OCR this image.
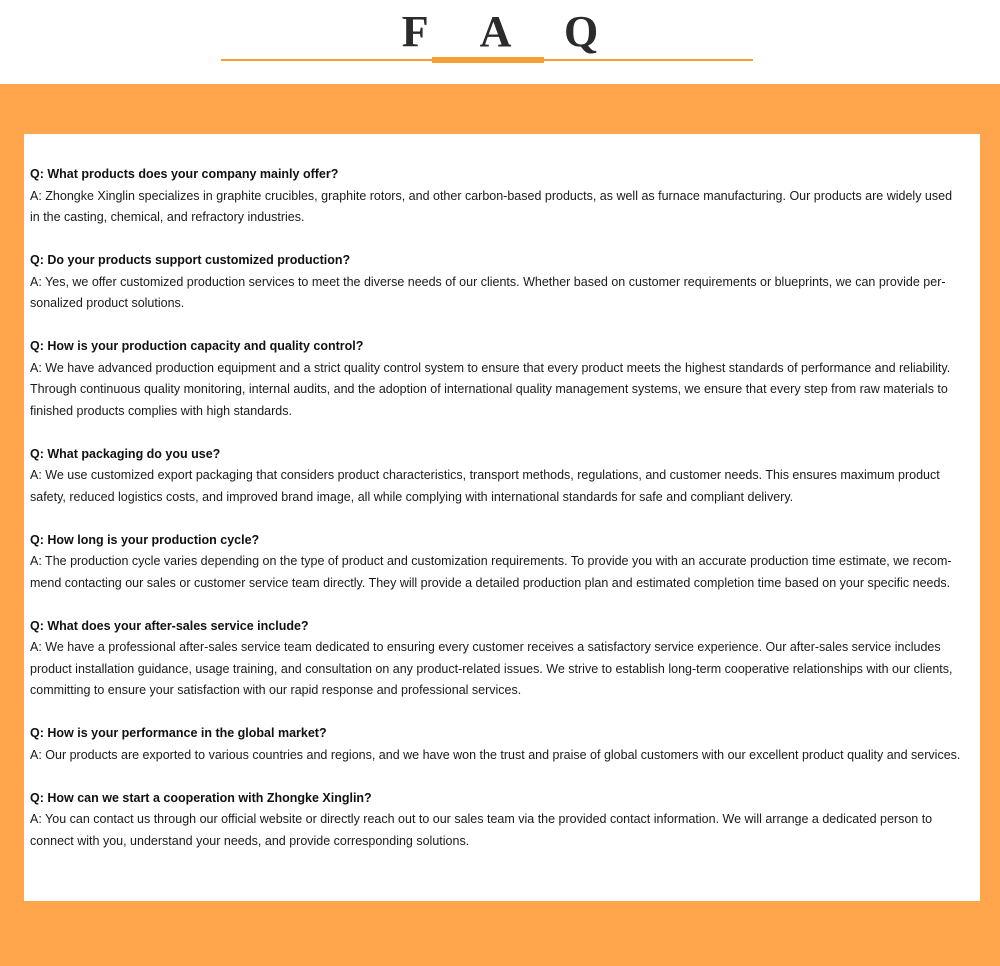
F A Q
Q: What products does your company mainly offer?
A: Zhongke Xinglin specializes in graphite crucibles, graphite rotors, and other carbon-based products, as well as furnace manufacturing. Our products are widely used
in the casting, chemical, and refractory industries.
Q: Do your products support customized production?
A: Yes, we offer customized production services to meet the diverse needs of our clients. Whether based on customer requirements or blueprints, we can provide per-
sonalized product solutions.
Q: How is your production capacity and quality control?
A: We have advanced production equipment and a strict quality control system to ensure that every product meets the highest standards of performance and reliability.
Through continuous quality monitoring, internal audits, and the adoption of international quality management systems, we ensure that every step from raw materials to
finished products complies with high standards.
Q: What packaging do you use?
A: We use customized export packaging that considers product characteristics, transport methods, regulations, and customer needs. This ensures maximum product
safety, reduced logistics costs, and improved brand image, all while complying with international standards for safe and compliant delivery.
Q: How long is your production cycle?
A: The production cycle varies depending on the type of product and customization requirements. To provide you with an accurate production time estimate, we recom-
mend contacting our sales or customer service team directly. They will provide a detailed production plan and estimated completion time based on your specific needs.
Q: What does your after-sales service include?
A: We have a professional after-sales service team dedicated to ensuring every customer receives a satisfactory service experience. Our after-sales service includes
product installation guidance, usage training, and consultation on any product-related issues. We strive to establish long-term cooperative relationships with our clients,
committing to ensure your satisfaction with our rapid response and professional services.
Q: How is your performance in the global market?
A: Our products are exported to various countries and regions, and we have won the trust and praise of global customers with our excellent product quality and services.
Q: How can we start a cooperation with Zhongke Xinglin?
A: You can contact us through our official website or directly reach out to our sales team via the provided contact information. We will arrange a dedicated person to
connect with you, understand your needs, and provide corresponding solutions.
